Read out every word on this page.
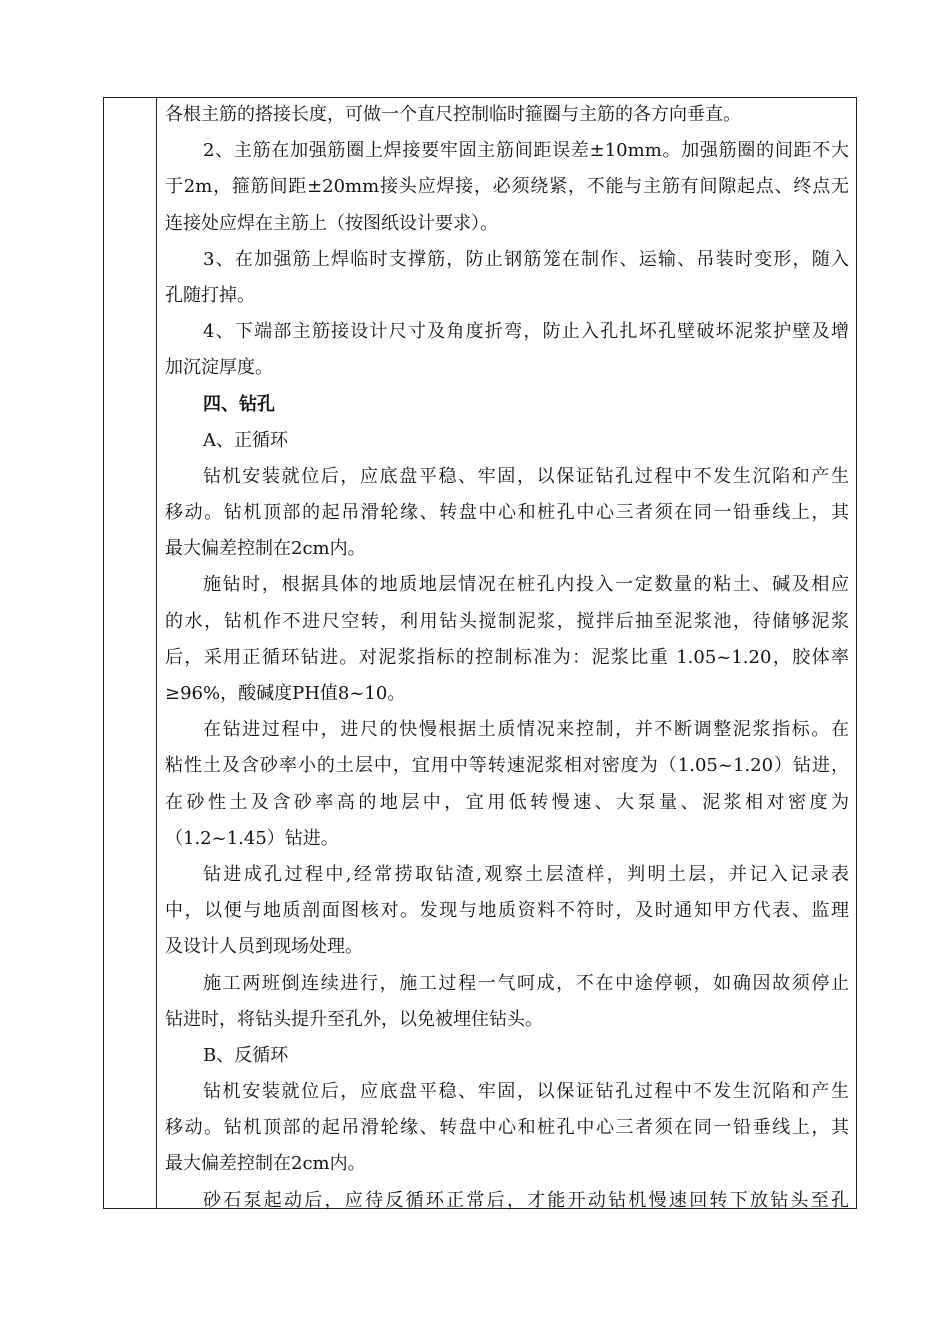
各根主筋的搭接长度，可做一个直尺控制临时箍圈与主筋的各方向垂直。
2、主筋在加强筋圈上焊接要牢固主筋间距误差±10mm。加强筋圈的间距不大
于2m，箍筋间距±20mm接头应焊接，必须绕紧，不能与主筋有间隙起点、终点无
连接处应焊在主筋上（按图纸设计要求）。
3、在加强筋上焊临时支撑筋，防止钢筋笼在制作、运输、吊装时变形，随入
孔随打掉。
4、下端部主筋接设计尺寸及角度折弯，防止入孔扎坏孔壁破坏泥浆护壁及增
加沉淀厚度。
四、钻孔
A、正循环
钻机安装就位后，应底盘平稳、牢固，以保证钻孔过程中不发生沉陷和产生
移动。钻机顶部的起吊滑轮缘、转盘中心和桩孔中心三者须在同一铅垂线上，其
最大偏差控制在2cm内。
施钻时，根据具体的地质地层情况在桩孔内投入一定数量的粘土、碱及相应
的水，钻机作不进尺空转，利用钻头搅制泥浆，搅拌后抽至泥浆池，待储够泥浆
后，采用正循环钻进。对泥浆指标的控制标准为：泥浆比重 1.05~1.20，胶体率
≥96%，酸碱度PH值8~10。
在钻进过程中，进尺的快慢根据土质情况来控制，并不断调整泥浆指标。在
粘性土及含砂率小的土层中，宜用中等转速泥浆相对密度为（1.05~1.20）钻进，
在砂性土及含砂率高的地层中，宜用低转慢速、大泵量、泥浆相对密度为
（1.2~1.45）钻进。
钻进成孔过程中,经常捞取钻渣,观察土层渣样，判明土层，并记入记录表
中，以便与地质剖面图核对。发现与地质资料不符时，及时通知甲方代表、监理
及设计人员到现场处理。
施工两班倒连续进行，施工过程一气呵成，不在中途停顿，如确因故须停止
钻进时，将钻头提升至孔外，以免被埋住钻头。
B、反循环
钻机安装就位后，应底盘平稳、牢固，以保证钻孔过程中不发生沉陷和产生
移动。钻机顶部的起吊滑轮缘、转盘中心和桩孔中心三者须在同一铅垂线上，其
最大偏差控制在2cm内。
砂石泵起动后，应待反循环正常后，才能开动钻机慢速回转下放钻头至孔
